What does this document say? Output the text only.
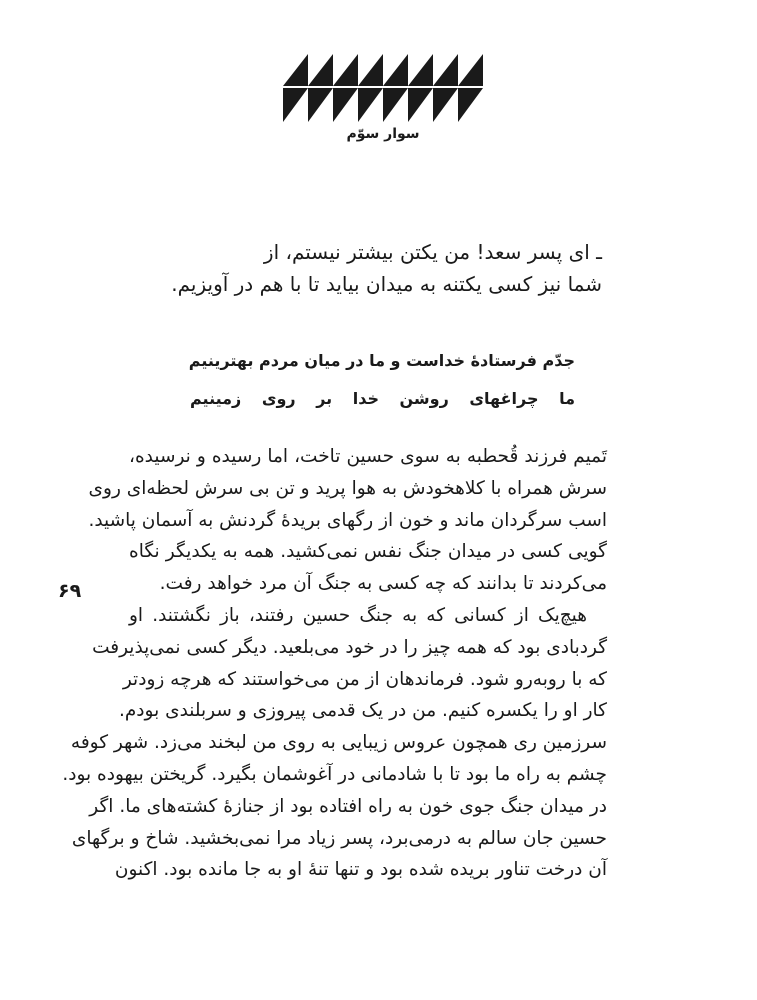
سوار سوّم
ـ ای پسر سعد! من یکتن بیشتر نیستم، از
شما نیز کسی یکتنه به میدان بیاید تا با هم در آویزیم.
جدّم فرستادهٔ خداست و ما در میان مردم بهترینیم
ما چراغهای روشن خدا بر روی زمینیم
تَمیم فرزند قُحطبه به سوی حسین تاخت، اما رسیده و نرسیده،
سرش همراه با کلاهخودش به هوا پرید و تن بی سرش لحظه‌ای روی
اسب سرگردان ماند و خون از رگهای بریدهٔ گردنش به آسمان پاشید.
گویی کسی در میدان جنگ نفس نمی‌کشید. همه به یکدیگر نگاه
می‌کردند تا بدانند که چه کسی به جنگ آن مرد خواهد رفت.
هیچ‌یک از کسانی که به جنگ حسین رفتند، باز نگشتند. او
گردبادی بود که همه چیز را در خود می‌بلعید. دیگر کسی نمی‌پذیرفت
که با روبه‌رو شود. فرماندهان از من می‌خواستند که هرچه زودتر
کار او را یکسره کنیم. من در یک قدمی پیروزی و سربلندی بودم.
سرزمین ری همچون عروس زیبایی به روی من لبخند می‌زد. شهر کوفه
چشم به راه ما بود تا با شادمانی در آغوشمان بگیرد. گریختن بیهوده بود.
در میدان جنگ جوی خون به راه افتاده بود از جنازهٔ کشته‌های ما. اگر
حسین جان سالم به درمی‌برد، پسر زیاد مرا نمی‌بخشید. شاخ و برگهای
آن درخت تناور بریده شده بود و تنها تنهٔ او به جا مانده بود. اکنون
۶۹
